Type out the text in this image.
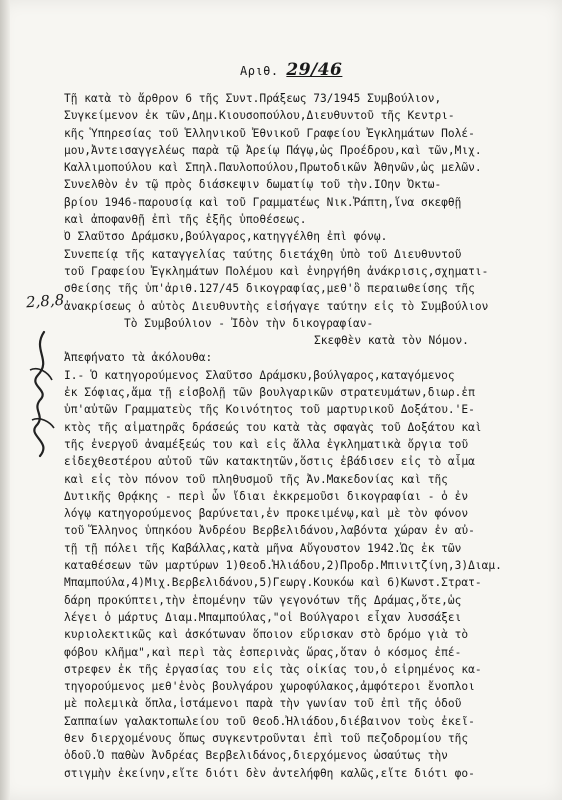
Αριθ. 29/46
2,8,8
Τῇ κατὰ τὸ ἄρθρον 6 τῆς Συντ.Πράξεως 73/1945 Συμβούλιον,
Συγκείμενον ἐκ τῶν,Δημ.Κιουσοπούλου,Διευθυντοῦ τῆς Κεντρι-
κῆς Ὑπηρεσίας τοῦ Ἑλληνικοῦ Ἐθνικοῦ Γραφείου Ἐγκλημάτων Πολέ-
μου,Ἀντεισαγγελέως παρὰ τῷ Ἀρείῳ Πάγῳ,ὡς Προέδρου,καὶ τῶν,Μιχ.
Καλλιμοπούλου καὶ Σπηλ.Παυλοπούλου,Πρωτοδικῶν Ἀθηνῶν,ὡς μελῶν.
Συνελθὸν ἐν τῷ πρὸς διάσκεψιν δωματίῳ τοῦ τὴν.IOην Ὀκτω-
βρίου 1946-παρουσίᾳ καὶ τοῦ Γραμματέως Νικ.Ῥάπτη,ἵνα σκεφθῇ
καὶ ἀποφανθῇ ἐπὶ τῆς ἑξῆς ὑποθέσεως.
Ὁ Σλαῦτσο Δράμσκυ,βούλγαρος,κατηγγέλθη ἐπὶ φόνῳ.
Συνεπείᾳ τῆς καταγγελίας ταύτης διετάχθη ὑπὸ τοῦ Διευθυντοῦ
τοῦ Γραφείου Ἐγκλημάτων Πολέμου καὶ ἐνηργήθη ἀνάκρισις,σχηματι-
σθείσης τῆς ὑπ'ἀριθ.127/45 δικογραφίας,μεθ'ὃ περαιωθείσης τῆς
ἀνακρίσεως ὁ αὐτὸς Διευθυντὴς εἰσήγαγε ταύτην εἰς τὸ Συμβούλιον
Τὸ Συμβούλιον - Ἰδὸν τὴν δικογραφίαν-
Σκεφθὲν κατὰ τὸν Νόμον.
Ἀπεφήνατο τὰ ἀκόλουθα:
I.- Ὁ κατηγορούμενος Σλαῦτσο Δράμσκυ,βούλγαρος,καταγόμενος
ἐκ Σόφιας,ἅμα τῇ εἰσβολῇ τῶν βουλγαρικῶν στρατευμάτων,διωρ.ἐπ
ὑπ'αὐτῶν Γραμματεὺς τῆς Κοινότητος τοῦ μαρτυρικοῦ Δοξάτου.'Ε-
κτὸς τῆς αἱματηρᾶς δράσεώς του κατὰ τὰς σφαγὰς τοῦ Δοξάτου καὶ
τῆς ἐνεργοῦ ἀναμέξεώς του καὶ εἰς ἄλλα ἐγκληματικὰ ὄργια τοῦ
εἰδεχθεστέρου αὐτοῦ τῶν κατακτητῶν,ὅστις ἐβάδισεν εἰς τὸ αἷμα
καὶ εἰς τὸν πόνον τοῦ πληθυσμοῦ τῆς Ἀν.Μακεδονίας καὶ τῆς
Δυτικῆς Θρᾴκης - περὶ ὧν ἴδιαι ἐκκρεμοῦσι δικογραφίαι - ὁ ἐν
λόγῳ κατηγορούμενος βαρύνεται,ἐν προκειμένῳ,καὶ μὲ τὸν φόνον
τοῦ Ἕλληνος ὑπηκόου Ἀνδρέου Βερβελιδάνου,λαβόντα χώραν ἐν αὐ-
τῇ τῇ πόλει τῆς Καβάλλας,κατὰ μῆνα Αὔγουστον 1942.Ὡς ἐκ τῶν
καταθέσεων τῶν μαρτύρων 1)Θεοδ.Ἠλιάδου,2)Προδρ.Μπινιτζίνη,3)Διαμ.
Μπαμπούλα,4)Μιχ.Βερβελιδάνου,5)Γεωργ.Κουκόω καὶ 6)Κωνστ.Στρατ-
δάρη προκύπτει,τὴν ἑπομένην τῶν γεγονότων τῆς Δράμας,ὅτε,ὡς
λέγει ὁ μάρτυς Διαμ.Μπαμπούλας,"οἱ Βούλγαροι εἶχαν λυσσάξει
κυριολεκτικῶς καὶ ἀσκότωναν ὅποιον εὕρισκαν στὸ δρόμο γιὰ τὸ
φόβου κλῆμα",καὶ περὶ τὰς ἑσπερινὰς ὥρας,ὅταν ὁ κόσμος ἐπέ-
στρεφεν ἐκ τῆς ἐργασίας του εἰς τὰς οἰκίας του,ὁ εἰρημένος κα-
τηγορούμενος μεθ'ἑνὸς βουλγάρου χωροφύλακος,ἀμφότεροι ἔνοπλοι
μὲ πολεμικὰ ὅπλα,ἱστάμενοι παρὰ τὴν γωνίαν τοῦ ἐπὶ τῆς ὁδοῦ
Σαππαίων γαλακτοπωλείου τοῦ Θεοδ.Ἠλιάδου,διέβαινον τοὺς ἐκεῖ-
θεν διερχομένους ὅπως συγκεντροῦνται ἐπὶ τοῦ πεζοδρομίου τῆς
ὁδοῦ.Ὁ παθὼν Ἀνδρέας Βερβελιδάνος,διερχόμενος ὡσαύτως τὴν
στιγμὴν ἐκείνην,εἴτε διότι δὲν ἀντελήφθη καλῶς,εἴτε διότι φο-
